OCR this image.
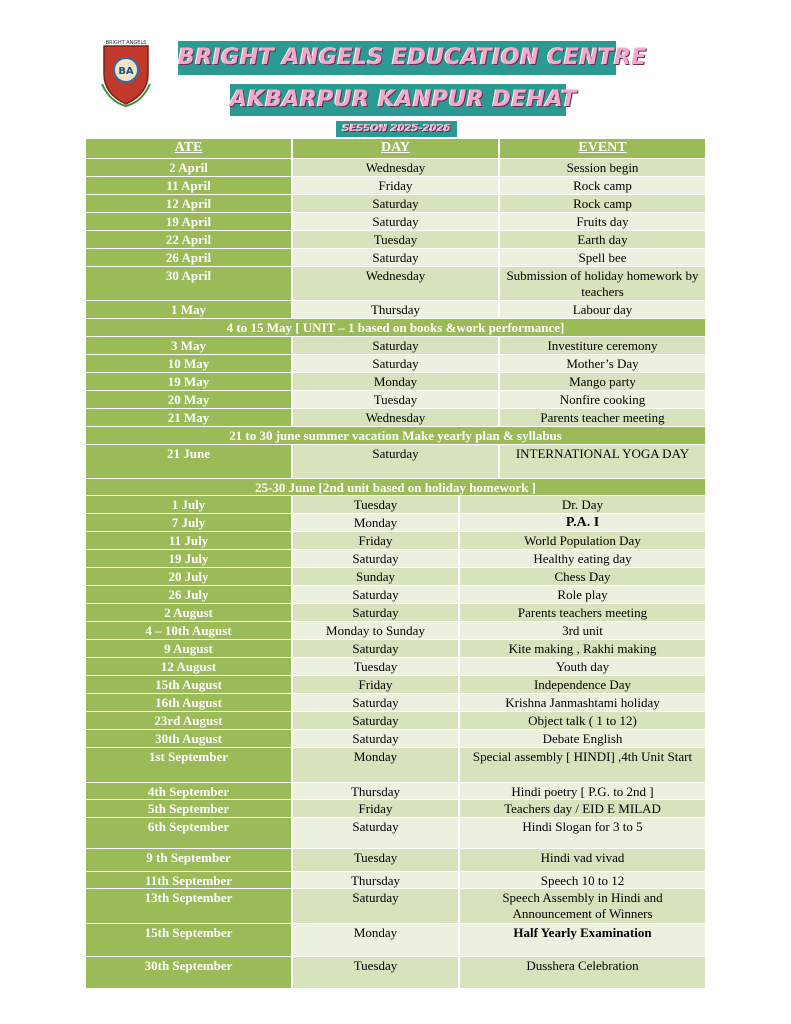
BA
BRIGHT ANGELS
BRIGHT ANGELS EDUCATION CENTRE
AKBARPUR KANPUR DEHAT
SESSON 2025-2026
ATE	DAY	EVENT
2 April	Wednesday	Session begin
11 April	Friday	Rock camp
12 April	Saturday	Rock camp
19 April	Saturday	Fruits day
22 April	Tuesday	Earth day
26 April	Saturday	Spell bee
30 April	Wednesday	Submission of holiday homework by teachers
1 May	Thursday	Labour day
4 to 15 May [ UNIT – 1 based on books &work performance]
3 May	Saturday	Investiture ceremony
10 May	Saturday	Mother’s Day
19 May	Monday	Mango party
20 May	Tuesday	Nonfire cooking
21 May	Wednesday	Parents teacher meeting
21 to 30 june summer vacation Make yearly plan & syllabus
21 June	Saturday	INTERNATIONAL YOGA DAY
25-30 June [2nd unit based on holiday homework ]
1 July	Tuesday	Dr. Day
7 July	Monday	P.A. I
11 July	Friday	World Population Day
19 July	Saturday	Healthy eating day
20 July	Sunday	Chess Day
26 July	Saturday	Role play
2 August	Saturday	Parents teachers meeting
4 – 10th August	Monday to Sunday	3rd unit
9 August	Saturday	Kite making , Rakhi making
12 August	Tuesday	Youth day
15th August	Friday	Independence Day
16th August	Saturday	Krishna Janmashtami holiday
23rd August	Saturday	Object talk ( 1 to 12)
30th August	Saturday	Debate English
1st September	Monday	Special assembly [ HINDI] ,4th Unit Start
4th September	Thursday	Hindi poetry [ P.G. to 2nd ]
5th September	Friday	Teachers day / EID E MILAD
6th September	Saturday	Hindi Slogan for 3 to 5
9 th September	Tuesday	Hindi vad vivad
11th September	Thursday	Speech 10 to 12
13th September	Saturday	Speech Assembly in Hindi and Announcement of Winners
15th September	Monday	Half Yearly Examination
30th September	Tuesday	Dusshera Celebration
